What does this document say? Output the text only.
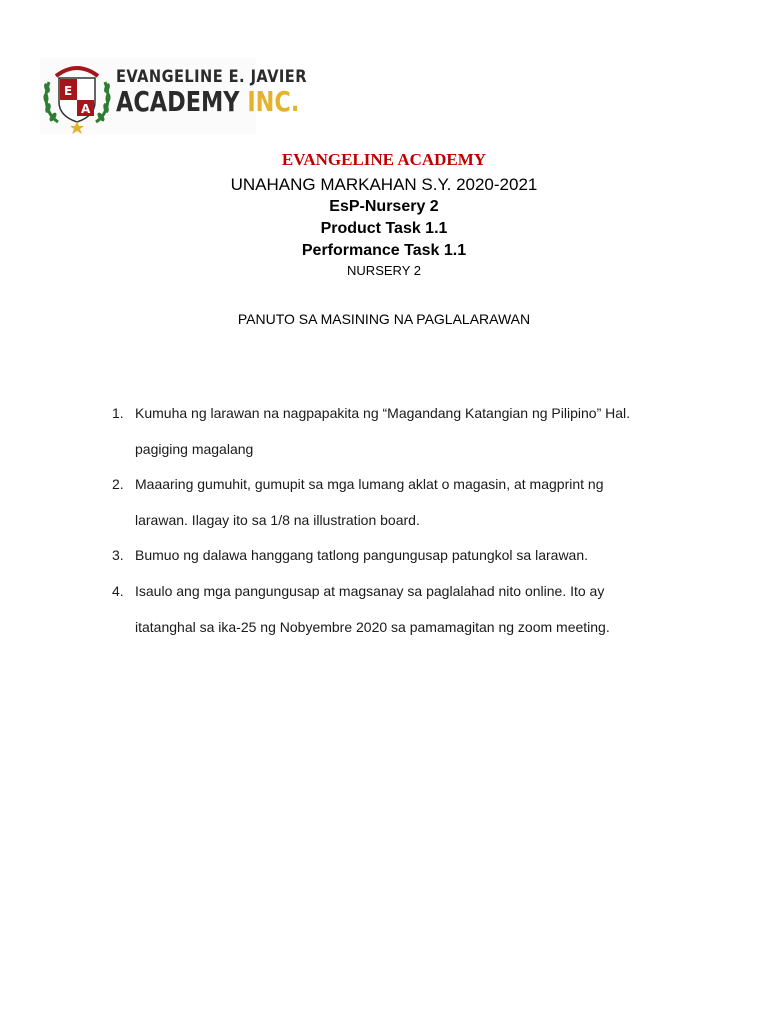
E
A
EVANGELINE E. JAVIER
ACADEMY INC.
EVANGELINE ACADEMY
UNAHANG MARKAHAN S.Y. 2020-2021
EsP-Nursery 2
Product Task 1.1
Performance Task 1.1
NURSERY 2
PANUTO SA MASINING NA PAGLALARAWAN
1. Kumuha ng larawan na nagpapakita ng “Magandang Katangian ng Pilipino” Hal.
pagiging magalang
2. Maaaring gumuhit, gumupit sa mga lumang aklat o magasin, at magprint ng
larawan. Ilagay ito sa 1/8 na illustration board.
3. Bumuo ng dalawa hanggang tatlong pangungusap patungkol sa larawan.
4. Isaulo ang mga pangungusap at magsanay sa paglalahad nito online. Ito ay
itatanghal sa ika-25 ng Nobyembre 2020 sa pamamagitan ng zoom meeting.
